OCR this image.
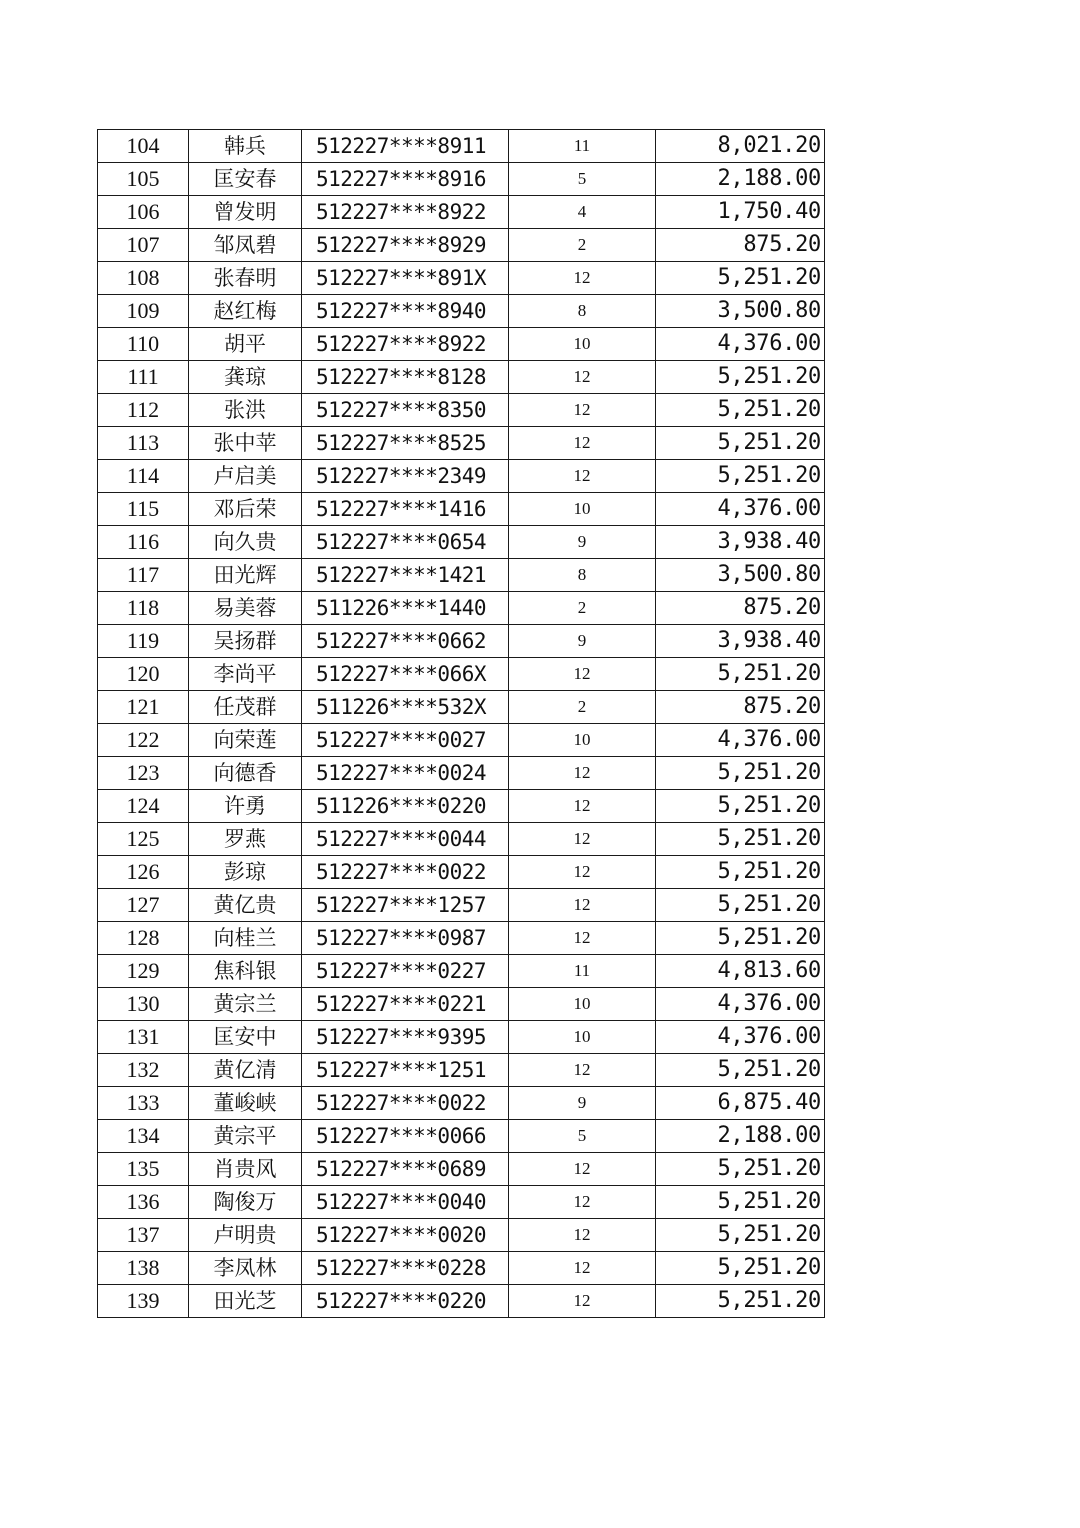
104	韩兵	512227****8911	11	8,021.20
105	匡安春	512227****8916	5	2,188.00
106	曾发明	512227****8922	4	1,750.40
107	邹凤碧	512227****8929	2	875.20
108	张春明	512227****891X	12	5,251.20
109	赵红梅	512227****8940	8	3,500.80
110	胡平	512227****8922	10	4,376.00
111	龚琼	512227****8128	12	5,251.20
112	张洪	512227****8350	12	5,251.20
113	张中苹	512227****8525	12	5,251.20
114	卢启美	512227****2349	12	5,251.20
115	邓后荣	512227****1416	10	4,376.00
116	向久贵	512227****0654	9	3,938.40
117	田光辉	512227****1421	8	3,500.80
118	易美蓉	511226****1440	2	875.20
119	吴扬群	512227****0662	9	3,938.40
120	李尚平	512227****066X	12	5,251.20
121	任茂群	511226****532X	2	875.20
122	向荣莲	512227****0027	10	4,376.00
123	向德香	512227****0024	12	5,251.20
124	许勇	511226****0220	12	5,251.20
125	罗燕	512227****0044	12	5,251.20
126	彭琼	512227****0022	12	5,251.20
127	黄亿贵	512227****1257	12	5,251.20
128	向桂兰	512227****0987	12	5,251.20
129	焦科银	512227****0227	11	4,813.60
130	黄宗兰	512227****0221	10	4,376.00
131	匡安中	512227****9395	10	4,376.00
132	黄亿清	512227****1251	12	5,251.20
133	董峻峡	512227****0022	9	6,875.40
134	黄宗平	512227****0066	5	2,188.00
135	肖贵风	512227****0689	12	5,251.20
136	陶俊万	512227****0040	12	5,251.20
137	卢明贵	512227****0020	12	5,251.20
138	李凤林	512227****0228	12	5,251.20
139	田光芝	512227****0220	12	5,251.20
